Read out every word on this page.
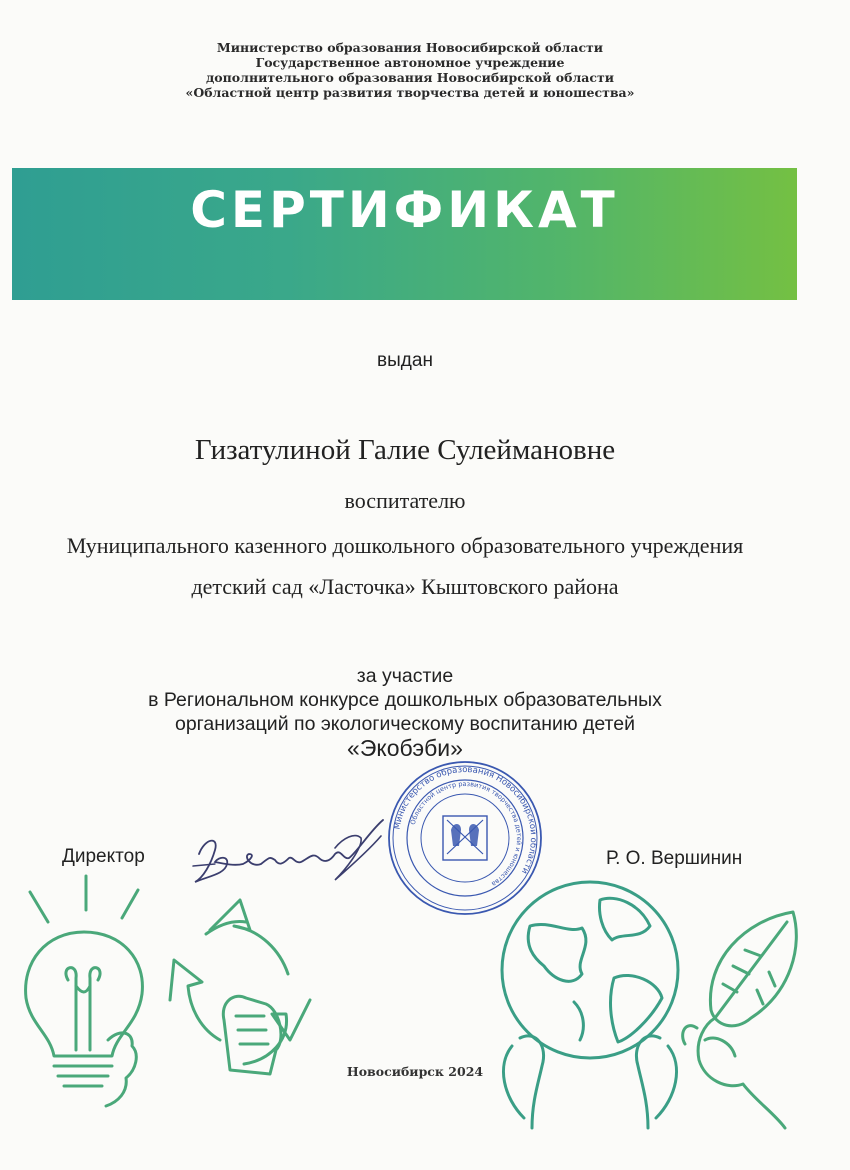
Министерство образования Новосибирской области
Государственное автономное учреждение
дополнительного образования Новосибирской области
«Областной центр развития творчества детей и юношества»
СЕРТИФИКАТ
выдан
Гизатулиной Галие Сулеймановне
воспитателю
Муниципального казенного дошкольного образовательного учреждения
детский сад «Ласточка» Кыштовского района
за участие
в Региональном конкурсе дошкольных образовательных
организаций по экологическому воспитанию детей
«Экобэби»
Директор	Р. О. Вершинин
Министерство образования Новосибирской области
Областной центр развития творчества детей и юношества
Новосибирск 2024
